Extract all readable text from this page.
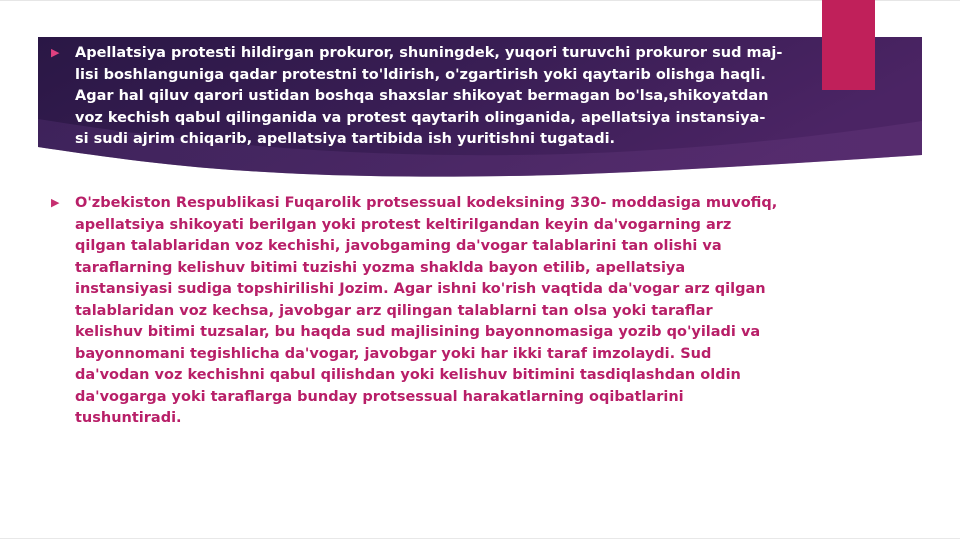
▶ Apellatsiya protesti hildirgan prokuror, shuningdek, yuqori turuvchi prokuror sud maj-
lisi boshlanguniga qadar protestni to'ldirish, o'zgartirish yoki qaytarib olishga haqli.
Agar hal qiluv qarori ustidan boshqa shaxslar shikoyat bermagan bo'lsa,shikoyatdan
voz kechish qabul qilinganida va protest qaytarih olinganida, apellatsiya instansiya-
si sudi ajrim chiqarib, apellatsiya tartibida ish yuritishni tugatadi.

▶ O'zbekiston Respublikasi Fuqarolik protsessual kodeksining 330- moddasiga muvofiq,
apellatsiya shikoyati berilgan yoki protest keltirilgandan keyin da'vogarning arz
qilgan talablaridan voz kechishi, javobgaming da'vogar talablarini tan olishi va
taraflarning kelishuv bitimi tuzishi yozma shaklda bayon etilib, apellatsiya
instansiyasi sudiga topshirilishi Jozim. Agar ishni ko'rish vaqtida da'vogar arz qilgan
talablaridan voz kechsa, javobgar arz qilingan talablarni tan olsa yoki taraflar
kelishuv bitimi tuzsalar, bu haqda sud majlisining bayonnomasiga yozib qo'yiladi va
bayonnomani tegishlicha da'vogar, javobgar yoki har ikki taraf imzolaydi. Sud
da'vodan voz kechishni qabul qilishdan yoki kelishuv bitimini tasdiqlashdan oldin
da'vogarga yoki taraflarga bunday protsessual harakatlarning oqibatlarini
tushuntiradi.
